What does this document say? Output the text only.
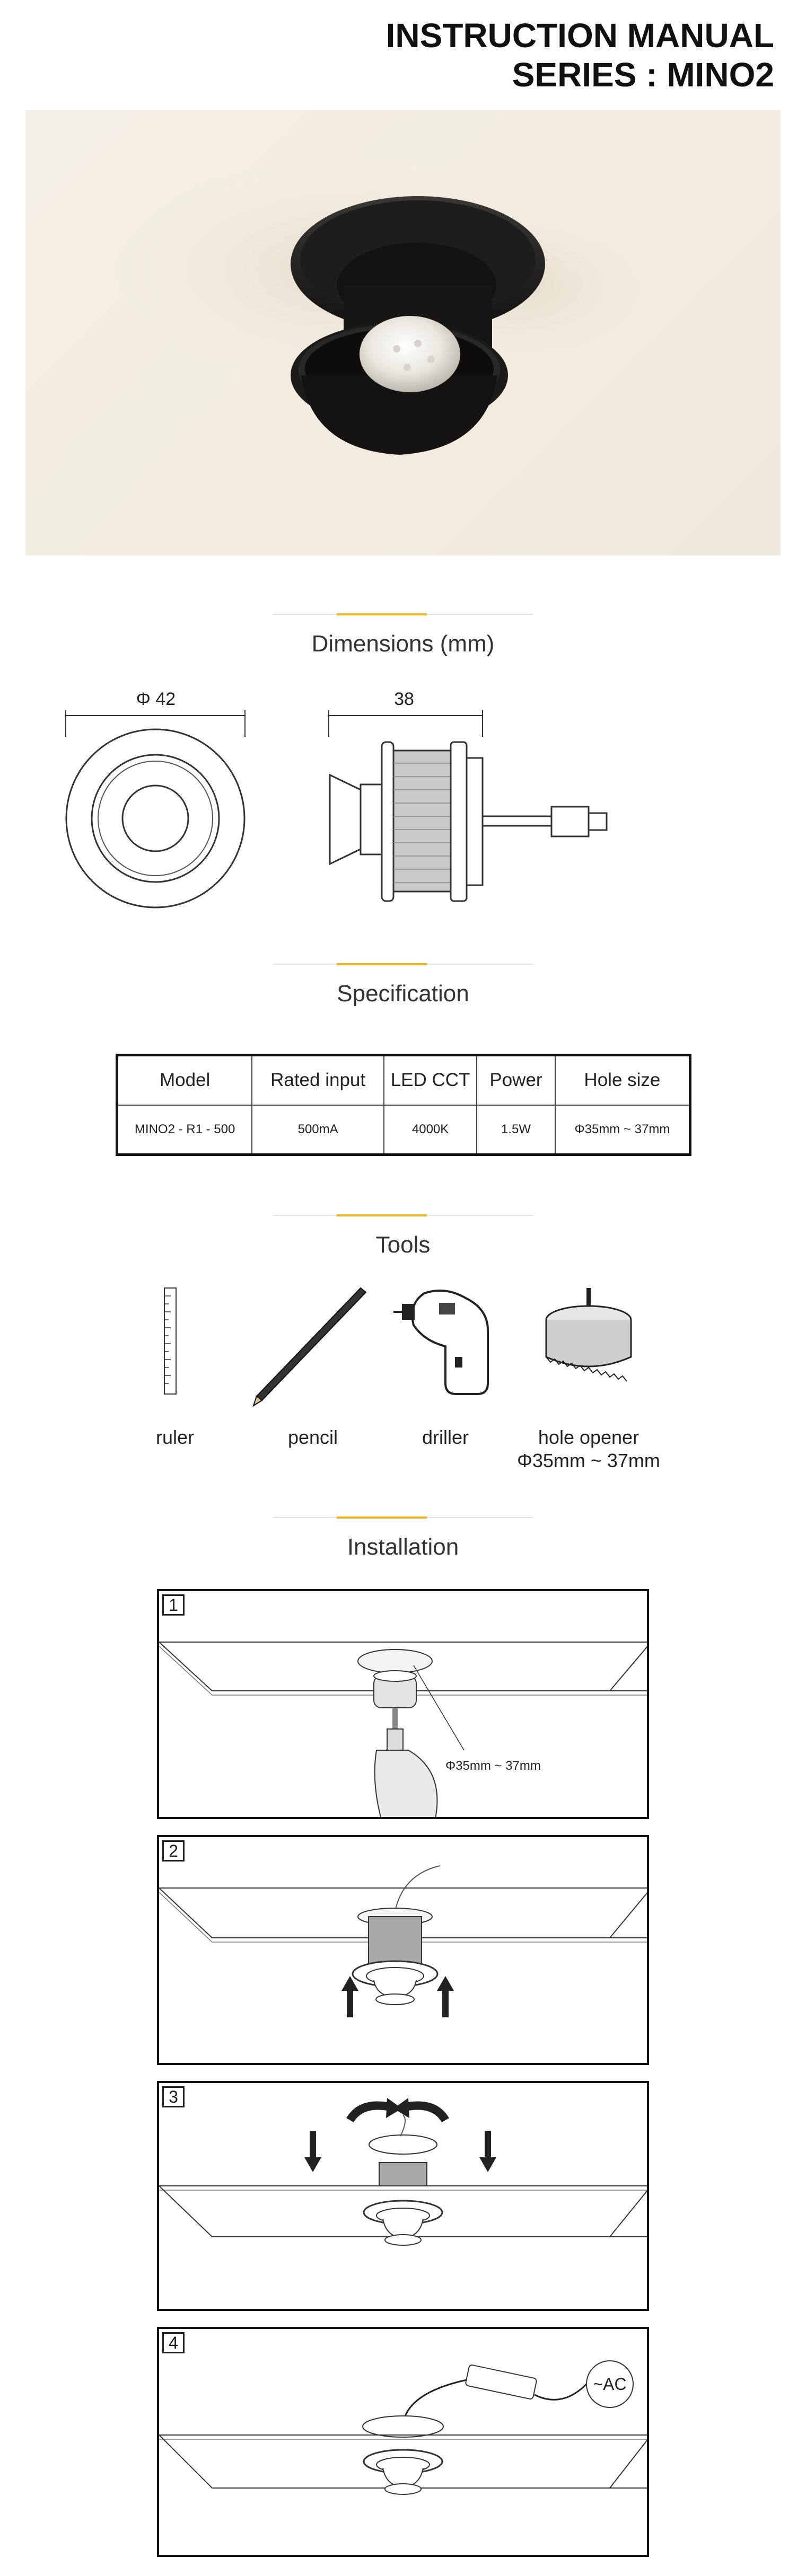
INSTRUCTION MANUAL
SERIES : MINO2
Dimensions (mm)
Φ 42	38
Specification
Model	Rated input	LED CCT	Power	Hole size
MINO2 - R1 - 500	500mA	4000K	1.5W	Φ35mm ~ 37mm
Tools
ruler	pencil	driller	hole opener
Φ35mm ~ 37mm
Installation
1
Φ35mm ~ 37mm
2
3
4
~AC
